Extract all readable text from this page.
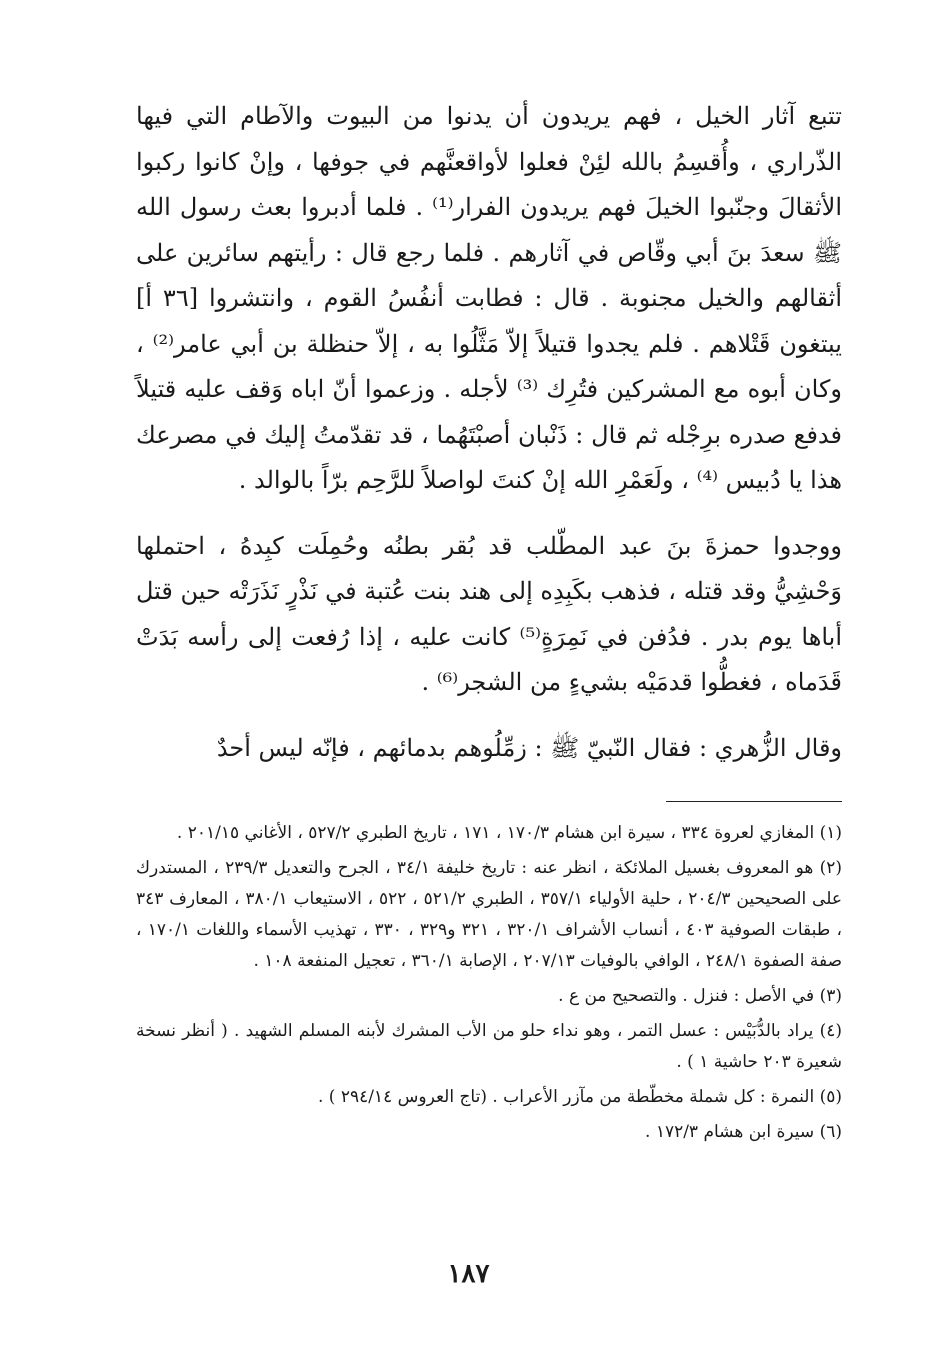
تتبع آثار الخيل ، فهم يريدون أن يدنوا من البيوت والآطام التي فيها الذّراري ، وأُقسِمُ بالله لئِنْ فعلوا لأواقعنَّهم في جوفها ، وإنْ كانوا ركبوا الأثقالَ وجنّبوا الخيلَ فهم يريدون الفرار⁽¹⁾ . فلما أدبروا بعث رسول الله ﷺ سعدَ بنَ أبي وقّاص في آثارهم . فلما رجع قال : رأيتهم سائرين على أثقالهم والخيل مجنوبة . قال : فطابت أنفُسُ القوم ، وانتشروا [٣٦ أ] يبتغون قَتْلاهم . فلم يجدوا قتيلاً إلاّ مَثَّلُوا به ، إلاّ حنظلة بن أبي عامر⁽²⁾ ، وكان أبوه مع المشركين فتُرِك ⁽³⁾ لأجله . وزعموا أنّ اباه وَقف عليه قتيلاً فدفع صدره برِجْله ثم قال : ذَنْبان أصبْتَهُما ، قد تقدّمتُ إليك في مصرعك هذا يا دُبيس ⁽⁴⁾ ، ولَعَمْرِ الله إنْ كنتَ لواصلاً للرَّحِم برّاً بالوالد .

ووجدوا حمزةَ بنَ عبد المطّلب قد بُقر بطنُه وحُمِلَت كبِدهُ ، احتملها وَحْشِيُّ وقد قتله ، فذهب بكَبِدِه إلى هند بنت عُتبة في نَذْرٍ نَذَرَتْه حين قتل أباها يوم بدر . فدُفن في نَمِرَةٍ⁽⁵⁾ كانت عليه ، إذا رُفعت إلى رأسه بَدَتْ قَدَماه ، فغطُّوا قدمَيْه بشيءٍ من الشجر⁽⁶⁾ .

وقال الزُّهري : فقال النّبيّ ﷺ : زمِّلُوهم بدمائهم ، فإنّه ليس أحدٌ

(١) المغازي لعروة ٣٣٤ ، سيرة ابن هشام ١٧٠/٣ ، ١٧١ ، تاريخ الطبري ٥٢٧/٢ ، الأغاني ٢٠١/١٥ .

(٢) هو المعروف بغسيل الملائكة ، انظر عنه : تاريخ خليفة ٣٤/١ ، الجرح والتعديل ٢٣٩/٣ ، المستدرك على الصحيحين ٢٠٤/٣ ، حلية الأولياء ٣٥٧/١ ، الطبري ٥٢١/٢ ، ٥٢٢ ، الاستيعاب ٣٨٠/١ ، المعارف ٣٤٣ ، طبقات الصوفية ٤٠٣ ، أنساب الأشراف ٣٢٠/١ ، ٣٢١ و٣٢٩ ، ٣٣٠ ، تهذيب الأسماء واللغات ١٧٠/١ ، صفة الصفوة ٢٤٨/١ ، الوافي بالوفيات ٢٠٧/١٣ ، الإصابة ٣٦٠/١ ، تعجيل المنفعة ١٠٨ .

(٣) في الأصل : فنزل . والتصحيح من ع .

(٤) يراد بالدُّبَيْس : عسل التمر ، وهو نداء حلو من الأب المشرك لأبنه المسلم الشهيد . ( أنظر نسخة شعيرة ٢٠٣ حاشية ١ ) .

(٥) النمرة : كل شملة مخطّطة من مآزر الأعراب . (تاج العروس ٢٩٤/١٤ ) .

(٦) سيرة ابن هشام ١٧٢/٣ .

١٨٧
